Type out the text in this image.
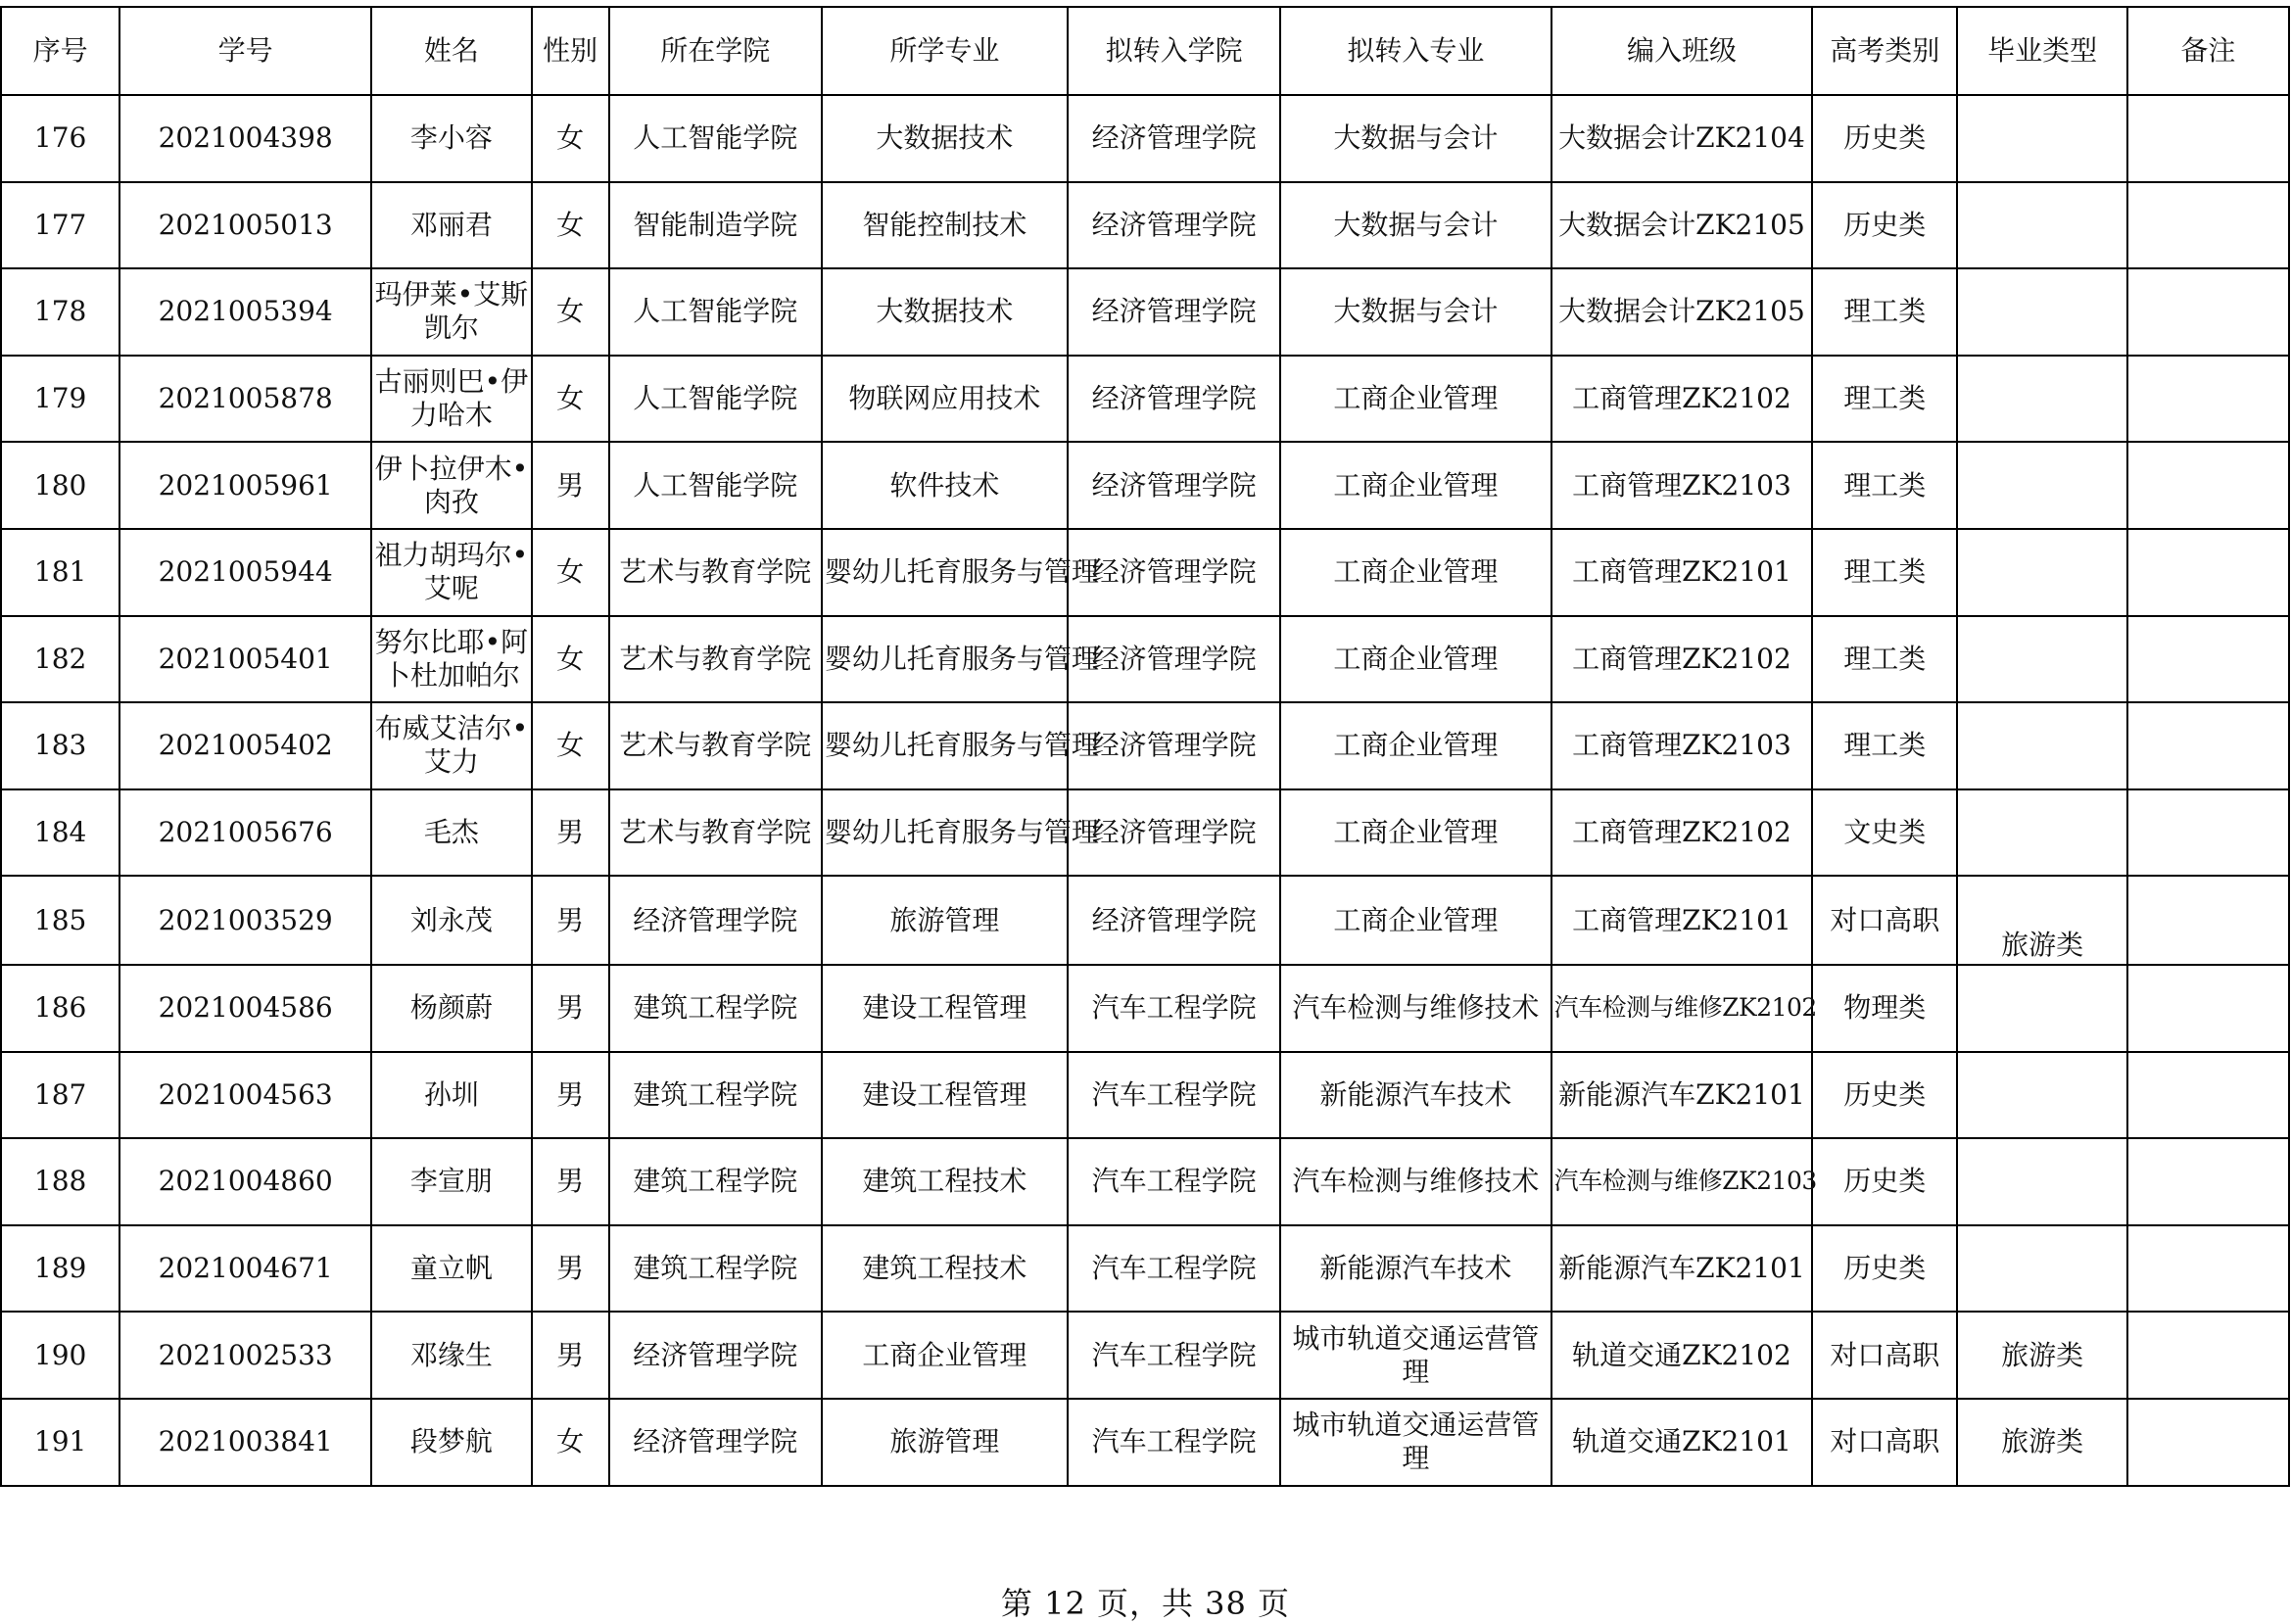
序号	学号	姓名	性别	所在学院	所学专业	拟转入学院	拟转入专业	编入班级	高考类别	毕业类型	备注
176	2021004398	李小容	女	人工智能学院	大数据技术	经济管理学院	大数据与会计	大数据会计ZK2104	历史类		
177	2021005013	邓丽君	女	智能制造学院	智能控制技术	经济管理学院	大数据与会计	大数据会计ZK2105	历史类		
178	2021005394	玛伊莱•艾斯凯尔	女	人工智能学院	大数据技术	经济管理学院	大数据与会计	大数据会计ZK2105	理工类		
179	2021005878	古丽则巴•伊力哈木	女	人工智能学院	物联网应用技术	经济管理学院	工商企业管理	工商管理ZK2102	理工类		
180	2021005961	伊卜拉伊木•肉孜	男	人工智能学院	软件技术	经济管理学院	工商企业管理	工商管理ZK2103	理工类		
181	2021005944	祖力胡玛尔•艾呢	女	艺术与教育学院	婴幼儿托育服务与管理	经济管理学院	工商企业管理	工商管理ZK2101	理工类		
182	2021005401	努尔比耶•阿卜杜加帕尔	女	艺术与教育学院	婴幼儿托育服务与管理	经济管理学院	工商企业管理	工商管理ZK2102	理工类		
183	2021005402	布威艾洁尔•艾力	女	艺术与教育学院	婴幼儿托育服务与管理	经济管理学院	工商企业管理	工商管理ZK2103	理工类		
184	2021005676	毛杰	男	艺术与教育学院	婴幼儿托育服务与管理	经济管理学院	工商企业管理	工商管理ZK2102	文史类		
185	2021003529	刘永茂	男	经济管理学院	旅游管理	经济管理学院	工商企业管理	工商管理ZK2101	对口高职	旅游类	
186	2021004586	杨颜蔚	男	建筑工程学院	建设工程管理	汽车工程学院	汽车检测与维修技术	汽车检测与维修ZK2102	物理类		
187	2021004563	孙圳	男	建筑工程学院	建设工程管理	汽车工程学院	新能源汽车技术	新能源汽车ZK2101	历史类		
188	2021004860	李宣朋	男	建筑工程学院	建筑工程技术	汽车工程学院	汽车检测与维修技术	汽车检测与维修ZK2103	历史类		
189	2021004671	童立帆	男	建筑工程学院	建筑工程技术	汽车工程学院	新能源汽车技术	新能源汽车ZK2101	历史类		
190	2021002533	邓缘生	男	经济管理学院	工商企业管理	汽车工程学院	城市轨道交通运营管理	轨道交通ZK2102	对口高职	旅游类	
191	2021003841	段梦航	女	经济管理学院	旅游管理	汽车工程学院	城市轨道交通运营管理	轨道交通ZK2101	对口高职	旅游类	
第 12 页，共 38 页
